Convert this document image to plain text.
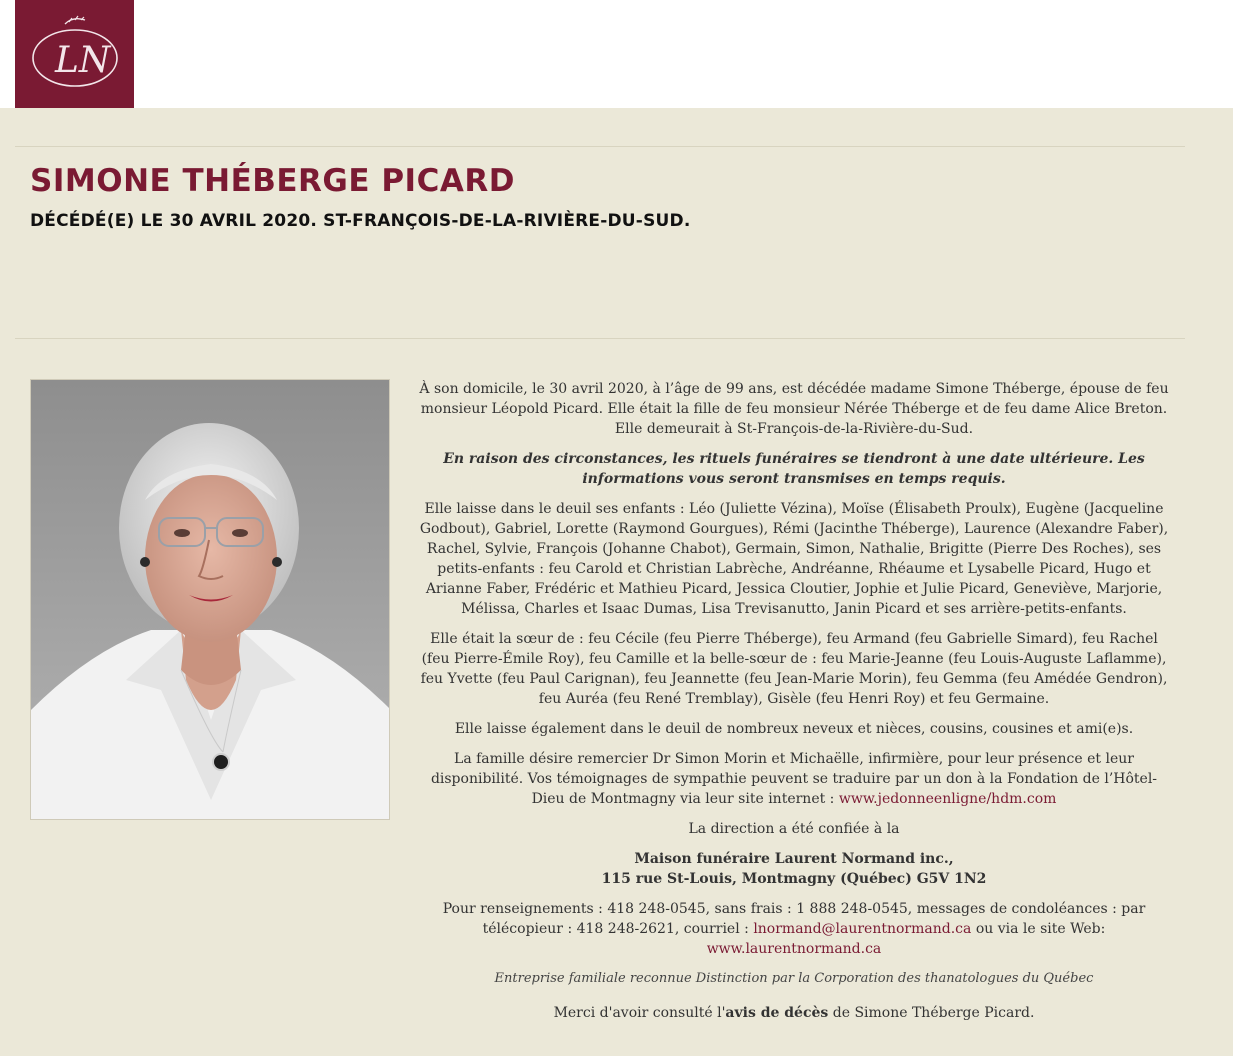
LN
SIMONE THÉBERGE PICARD
DÉCÉDÉ(E) LE 30 AVRIL 2020. ST-FRANÇOIS-DE-LA-RIVIÈRE-DU-SUD.

À son domicile, le 30 avril 2020, à l’âge de 99 ans, est décédée madame Simone Théberge, épouse de feu monsieur Léopold Picard. Elle était la fille de feu monsieur Nérée Théberge et de feu dame Alice Breton. Elle demeurait à St-François-de-la-Rivière-du-Sud.

En raison des circonstances, les rituels funéraires se tiendront à une date ultérieure. Les informations vous seront transmises en temps requis.

Elle laisse dans le deuil ses enfants : Léo (Juliette Vézina), Moïse (Élisabeth Proulx), Eugène (Jacqueline Godbout), Gabriel, Lorette (Raymond Gourgues), Rémi (Jacinthe Théberge), Laurence (Alexandre Faber), Rachel, Sylvie, François (Johanne Chabot), Germain, Simon, Nathalie, Brigitte (Pierre Des Roches), ses petits-enfants : feu Carold et Christian Labrèche, Andréanne, Rhéaume et Lysabelle Picard, Hugo et Arianne Faber, Frédéric et Mathieu Picard, Jessica Cloutier, Jophie et Julie Picard, Geneviève, Marjorie, Mélissa, Charles et Isaac Dumas, Lisa Trevisanutto, Janin Picard et ses arrière-petits-enfants.

Elle était la sœur de : feu Cécile (feu Pierre Théberge), feu Armand (feu Gabrielle Simard), feu Rachel (feu Pierre-Émile Roy), feu Camille et la belle-sœur de : feu Marie-Jeanne (feu Louis-Auguste Laflamme), feu Yvette (feu Paul Carignan), feu Jeannette (feu Jean-Marie Morin), feu Gemma (feu Amédée Gendron), feu Auréa (feu René Tremblay), Gisèle (feu Henri Roy) et feu Germaine.

Elle laisse également dans le deuil de nombreux neveux et nièces, cousins, cousines et ami(e)s.

La famille désire remercier Dr Simon Morin et Michaëlle, infirmière, pour leur présence et leur disponibilité. Vos témoignages de sympathie peuvent se traduire par un don à la Fondation de l’Hôtel-Dieu de Montmagny via leur site internet : www.jedonneenligne/hdm.com

La direction a été confiée à la

Maison funéraire Laurent Normand inc.,
115 rue St-Louis, Montmagny (Québec) G5V 1N2

Pour renseignements : 418 248-0545, sans frais : 1 888 248-0545, messages de condoléances : par télécopieur : 418 248-2621, courriel : lnormand@laurentnormand.ca ou via le site Web:
www.laurentnormand.ca

Entreprise familiale reconnue Distinction par la Corporation des thanatologues du Québec

Merci d'avoir consulté l'avis de décès de Simone Théberge Picard.
